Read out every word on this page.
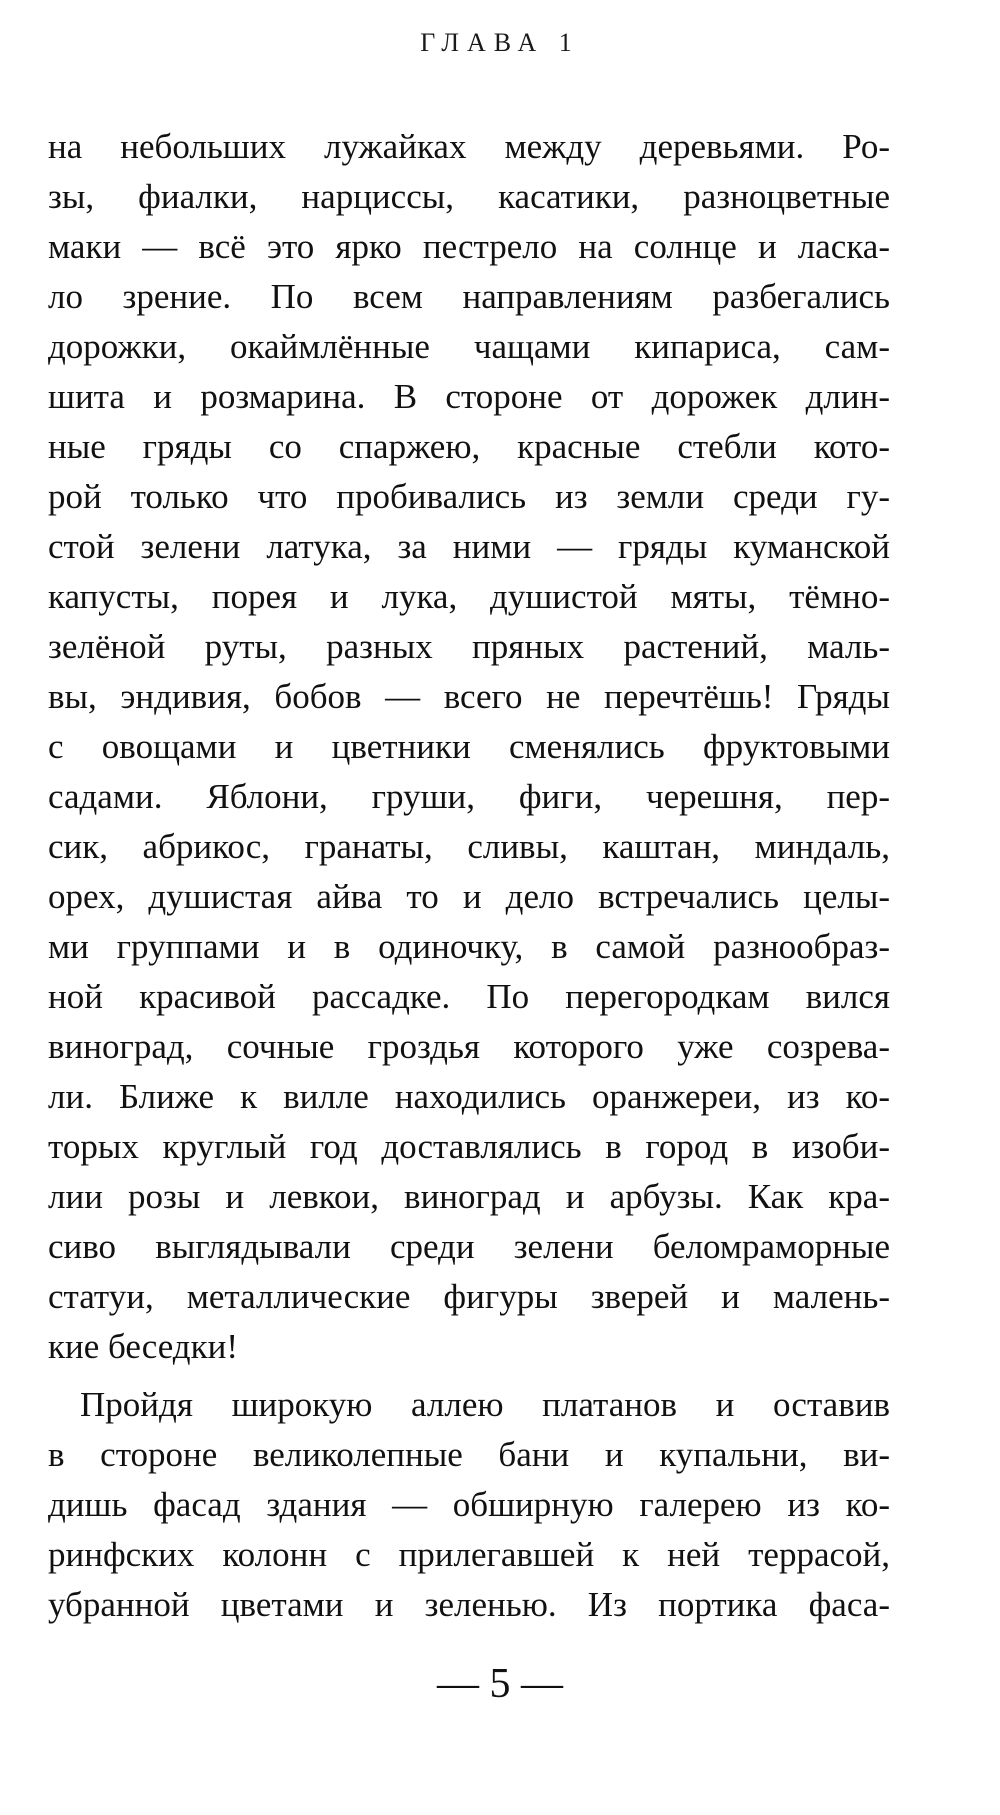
ГЛАВА 1
на небольших лужайках между деревьями. Ро-
зы, фиалки, нарциссы, касатики, разноцветные
маки — всё это ярко пестрело на солнце и ласка-
ло зрение. По всем направлениям разбегались
дорожки, окаймлённые чащами кипариса, сам-
шита и розмарина. В стороне от дорожек длин-
ные гряды со спаржею, красные стебли кото-
рой только что пробивались из земли среди гу-
стой зелени латука, за ними — гряды куманской
капусты, порея и лука, душистой мяты, тёмно-
зелёной руты, разных пряных растений, маль-
вы, эндивия, бобов — всего не перечтёшь! Гряды
с овощами и цветники сменялись фруктовыми
садами. Яблони, груши, фиги, черешня, пер-
сик, абрикос, гранаты, сливы, каштан, миндаль,
орех, душистая айва то и дело встречались целы-
ми группами и в одиночку, в самой разнообраз-
ной красивой рассадке. По перегородкам вился
виноград, сочные гроздья которого уже созрева-
ли. Ближе к вилле находились оранжереи, из ко-
торых круглый год доставлялись в город в изоби-
лии розы и левкои, виноград и арбузы. Как кра-
сиво выглядывали среди зелени беломраморные
статуи, металлические фигуры зверей и малень-
кие беседки!
Пройдя широкую аллею платанов и оставив
в стороне великолепные бани и купальни, ви-
дишь фасад здания — обширную галерею из ко-
ринфских колонн с прилегавшей к ней террасой,
убранной цветами и зеленью. Из портика фаса-
— 5 —
